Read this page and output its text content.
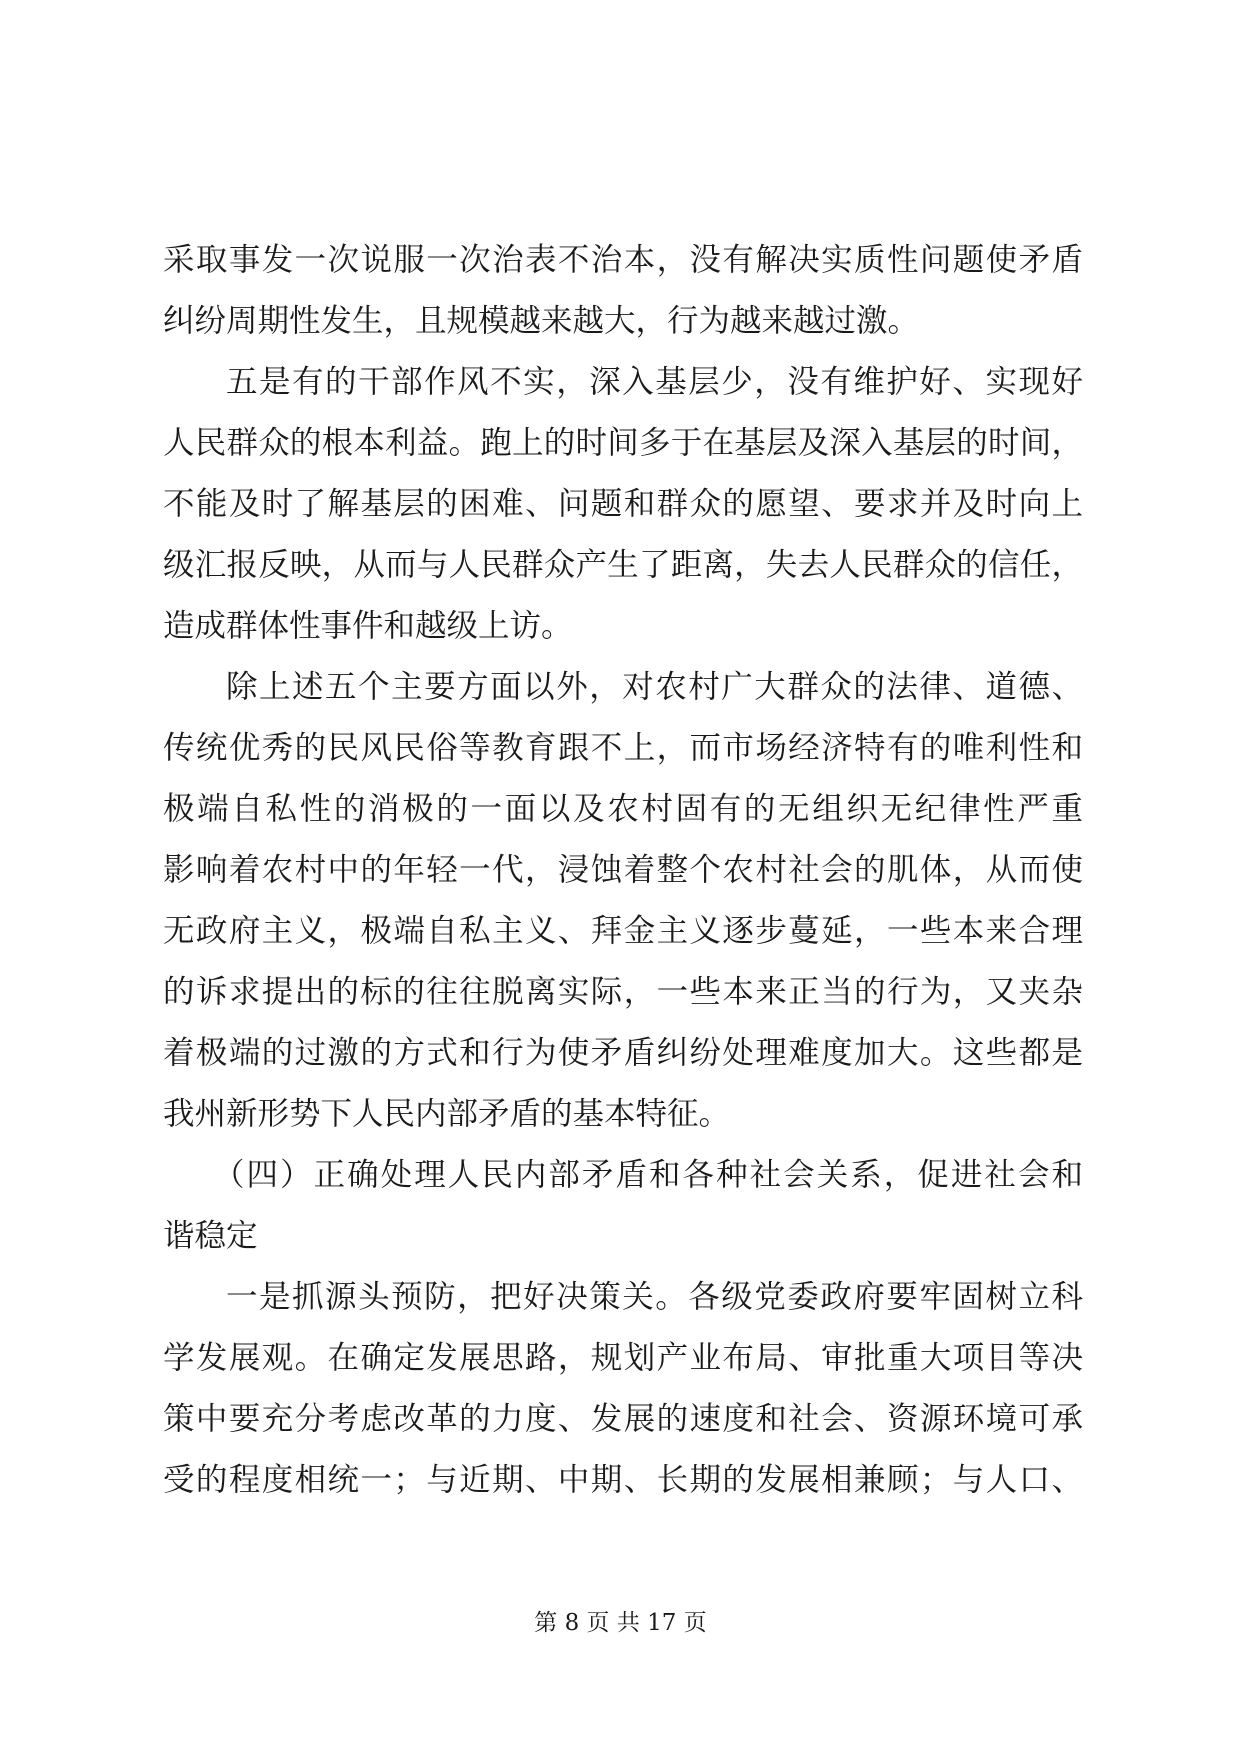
采取事发一次说服一次治表不治本，没有解决实质性问题使矛盾
纠纷周期性发生，且规模越来越大，行为越来越过激。
五是有的干部作风不实，深入基层少，没有维护好、实现好
人民群众的根本利益。跑上的时间多于在基层及深入基层的时间，
不能及时了解基层的困难、问题和群众的愿望、要求并及时向上
级汇报反映，从而与人民群众产生了距离，失去人民群众的信任，
造成群体性事件和越级上访。
除上述五个主要方面以外，对农村广大群众的法律、道德、
传统优秀的民风民俗等教育跟不上，而市场经济特有的唯利性和
极端自私性的消极的一面以及农村固有的无组织无纪律性严重
影响着农村中的年轻一代，浸蚀着整个农村社会的肌体，从而使
无政府主义，极端自私主义、拜金主义逐步蔓延，一些本来合理
的诉求提出的标的往往脱离实际，一些本来正当的行为，又夹杂
着极端的过激的方式和行为使矛盾纠纷处理难度加大。这些都是
我州新形势下人民内部矛盾的基本特征。
（四）正确处理人民内部矛盾和各种社会关系，促进社会和
谐稳定
一是抓源头预防，把好决策关。各级党委政府要牢固树立科
学发展观。在确定发展思路，规划产业布局、审批重大项目等决
策中要充分考虑改革的力度、发展的速度和社会、资源环境可承
受的程度相统一；与近期、中期、长期的发展相兼顾；与人口、
第 8 页 共 17 页
